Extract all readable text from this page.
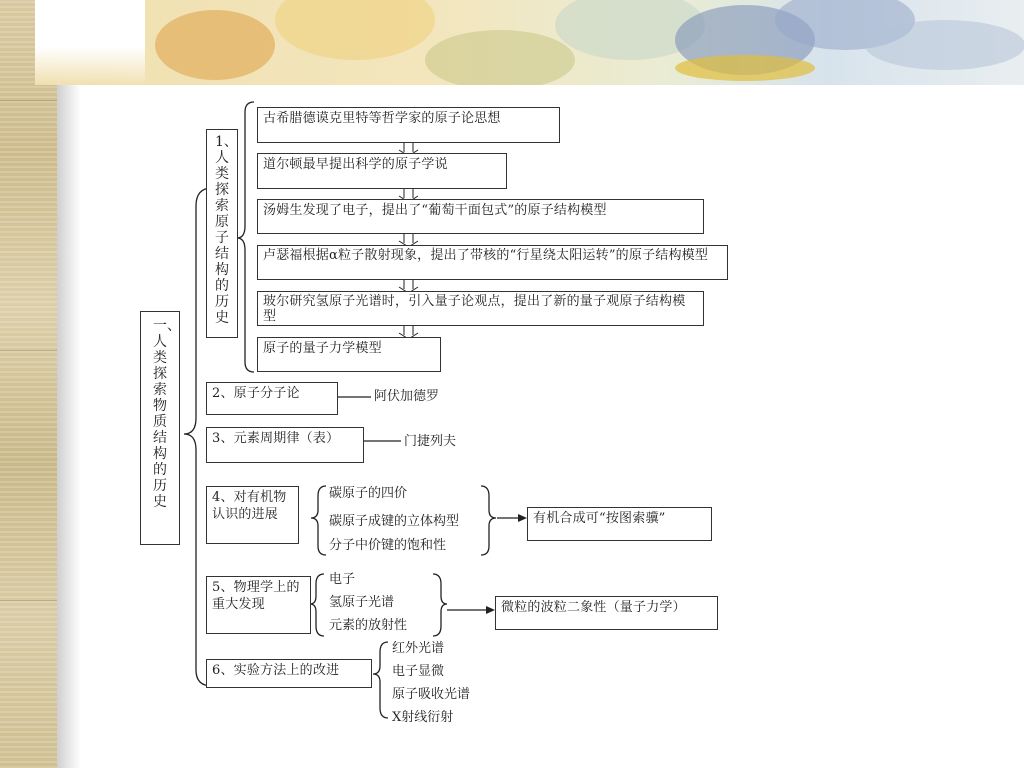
一、人类探索物质结构的历史
1、人类探索原子结构的历史
古希腊德谟克里特等哲学家的原子论思想
道尔顿最早提出科学的原子学说
汤姆生发现了电子，提出了“葡萄干面包式”的原子结构模型
卢瑟福根据α粒子散射现象，提出了带核的“行星绕太阳运转”的原子结构模型
玻尔研究氢原子光谱时，引入量子论观点，提出了新的量子观原子结构模型
原子的量子力学模型
2、原子分子论	阿伏加德罗
3、元素周期律（表）	门捷列夫
4、对有机物认识的进展
碳原子的四价
碳原子成键的立体构型
分子中价键的饱和性
有机合成可“按图索骥”
5、物理学上的重大发现
电子
氢原子光谱
元素的放射性
微粒的波粒二象性（量子力学）
6、实验方法上的改进
红外光谱
电子显微
原子吸收光谱
X射线衍射
